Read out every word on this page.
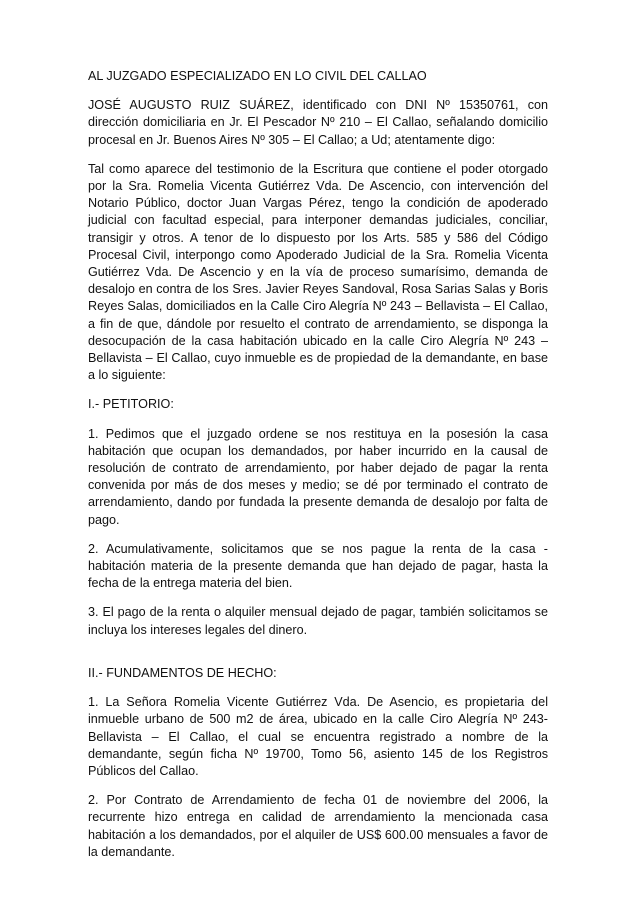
AL JUZGADO ESPECIALIZADO EN LO CIVIL DEL CALLAO

JOSÉ AUGUSTO RUIZ SUÁREZ, identificado con DNI Nº 15350761, con dirección domiciliaria en Jr. El Pescador Nº 210 – El Callao, señalando domicilio procesal en Jr. Buenos Aires Nº 305 – El Callao; a Ud; atentamente digo:

Tal como aparece del testimonio de la Escritura que contiene el poder otorgado por la Sra. Romelia Vicenta Gutiérrez Vda. De Ascencio, con intervención del Notario Público, doctor Juan Vargas Pérez, tengo la condición de apoderado judicial con facultad especial, para interponer demandas judiciales, conciliar, transigir y otros. A tenor de lo dispuesto por los Arts. 585 y 586 del Código Procesal Civil, interpongo como Apoderado Judicial de la Sra. Romelia Vicenta Gutiérrez Vda. De Ascencio y en la vía de proceso sumarísimo, demanda de desalojo en contra de los Sres. Javier Reyes Sandoval, Rosa Sarias Salas y Boris Reyes Salas, domiciliados en la Calle Ciro Alegría Nº 243 – Bellavista – El Callao, a fin de que, dándole por resuelto el contrato de arrendamiento, se disponga la desocupación de la casa habitación ubicado en la calle Ciro Alegría Nº 243 – Bellavista – El Callao, cuyo inmueble es de propiedad de la demandante, en base a lo siguiente:

I.- PETITORIO:

1. Pedimos que el juzgado ordene se nos restituya en la posesión la casa habitación que ocupan los demandados, por haber incurrido en la causal de resolución de contrato de arrendamiento, por haber dejado de pagar la renta convenida por más de dos meses y medio; se dé por terminado el contrato de arrendamiento, dando por fundada la presente demanda de desalojo por falta de pago.

2. Acumulativamente, solicitamos que se nos pague la renta de la casa -habitación materia de la presente demanda que han dejado de pagar, hasta la fecha de la entrega materia del bien.

3. El pago de la renta o alquiler mensual dejado de pagar, también solicitamos se incluya los intereses legales del dinero.

II.- FUNDAMENTOS DE HECHO:

1. La Señora Romelia Vicente Gutiérrez Vda. De Asencio, es propietaria del inmueble urbano de 500 m2 de área, ubicado en la calle Ciro Alegría Nº 243-Bellavista – El Callao, el cual se encuentra registrado a nombre de la demandante, según ficha Nº 19700, Tomo 56, asiento 145 de los Registros Públicos del Callao.

2. Por Contrato de Arrendamiento de fecha 01 de noviembre del 2006, la recurrente hizo entrega en calidad de arrendamiento la mencionada casa habitación a los demandados, por el alquiler de US$ 600.00 mensuales a favor de la demandante.
